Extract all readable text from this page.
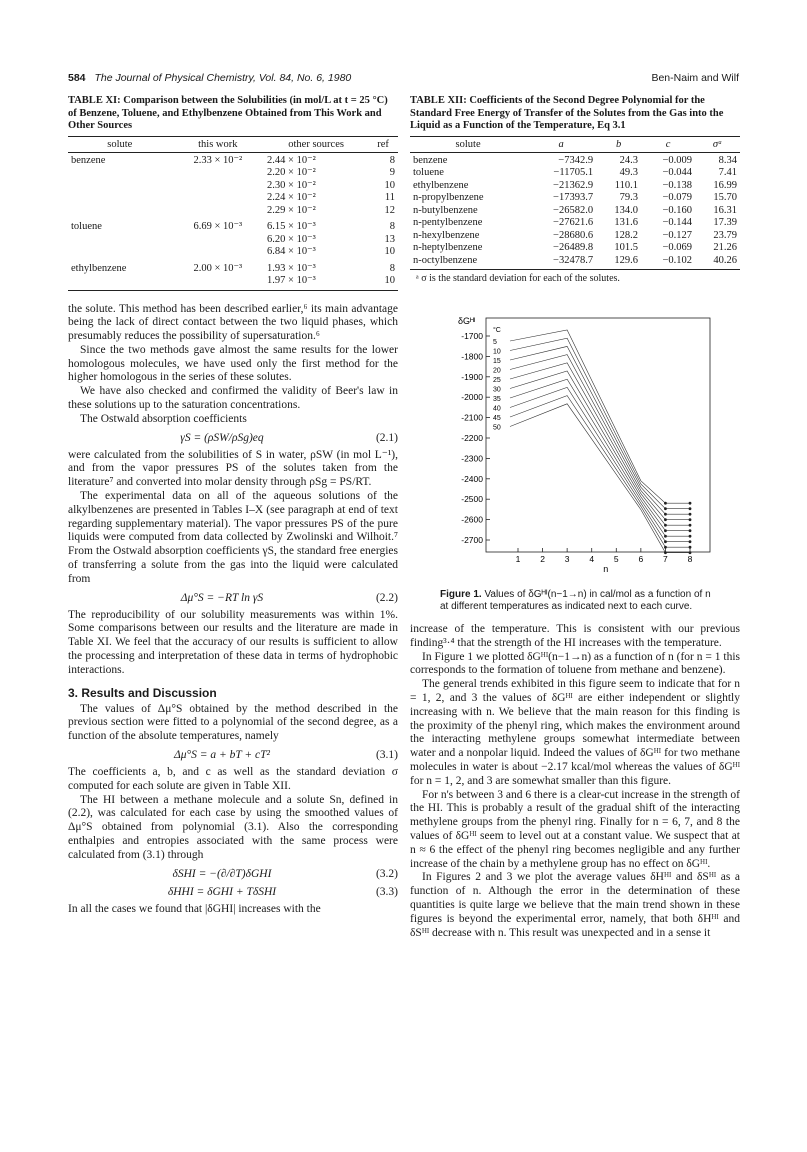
584 The Journal of Physical Chemistry, Vol. 84, No. 6, 1980	Ben-Naim and Wilf
TABLE XI: Comparison between the Solubilities (in mol/L at t = 25 °C) of Benzene, Toluene, and Ethylbenzene Obtained from This Work and Other Sources
solute	this work	other sources	ref
benzene	2.33 × 10⁻²	2.44 × 10⁻²	8
		2.20 × 10⁻²	9
		2.30 × 10⁻²	10
		2.24 × 10⁻²	11
		2.29 × 10⁻²	12
toluene	6.69 × 10⁻³	6.15 × 10⁻³	8
		6.20 × 10⁻³	13
		6.84 × 10⁻³	10
ethylbenzene	2.00 × 10⁻³	1.93 × 10⁻³	8
		1.97 × 10⁻³	10

the solute. This method has been described earlier,⁶ its main advantage being the lack of direct contact between the two liquid phases, which presumably reduces the possibility of supersaturation.⁶

Since the two methods gave almost the same results for the lower homologous molecules, we have used only the first method for the higher homologous in the series of these solutes.

We have also checked and confirmed the validity of Beer's law in these solutions up to the saturation concentrations.

The Ostwald absorption coefficients

γS = (ρSW/ρSg)eq	(2.1)

were calculated from the solubilities of S in water, ρSW (in mol L⁻¹), and from the vapor pressures PS of the solutes taken from the literature⁷ and converted into molar density through ρSg = PS/RT.

The experimental data on all of the aqueous solutions of the alkylbenzenes are presented in Tables I–X (see paragraph at end of text regarding supplementary material). The vapor pressures PS of the pure liquids were computed from data collected by Zwolinski and Wilhoit.⁷ From the Ostwald absorption coefficients γS, the standard free energies of transferring a solute from the gas into the liquid were calculated from

Δμ°S = −RT ln γS	(2.2)

The reproducibility of our solubility measurements was within 1%. Some comparisons between our results and the literature are made in Table XI. We feel that the accuracy of our results is sufficient to allow the processing and interpretation of these data in terms of hydrophobic interactions.

3. Results and Discussion

The values of Δμ°S obtained by the method described in the previous section were fitted to a polynomial of the second degree, as a function of the absolute temperatures, namely

Δμ°S = a + bT + cT²	(3.1)

The coefficients a, b, and c as well as the standard deviation σ computed for each solute are given in Table XII.

The HI between a methane molecule and a solute Sn, defined in (2.2), was calculated for each case by using the smoothed values of Δμ°S obtained from polynomial (3.1). Also the corresponding enthalpies and entropies associated with the same process were calculated from (3.1) through

δSHI = −(∂/∂T)δGHI	(3.2)
δHHI = δGHI + TδSHI	(3.3)

In all the cases we found that |δGHI| increases with the

TABLE XII: Coefficients of the Second Degree Polynomial for the Standard Free Energy of Transfer of the Solutes from the Gas into the Liquid as a Function of the Temperature, Eq 3.1
solute	a	b	c	σᵃ
benzene	−7342.9	24.3	−0.009	8.34
toluene	−11705.1	49.3	−0.044	7.41
ethylbenzene	−21362.9	110.1	−0.138	16.99
n-propylbenzene	−17393.7	79.3	−0.079	15.70
n-butylbenzene	−26582.0	134.0	−0.160	16.31
n-pentylbenzene	−27621.6	131.6	−0.144	17.39
n-hexylbenzene	−28680.6	128.2	−0.127	23.79
n-heptylbenzene	−26489.8	101.5	−0.069	21.26
n-octylbenzene	−32478.7	129.6	−0.102	40.26
ᵃ σ is the standard deviation for each of the solutes.
-1700
-1800
-1900
-2000
-2100
-2200
-2300
-2400
-2500
-2600
-2700
δGᴴᴵ
1 2 3 4 5 6 7 8
n
°C
5
10
15
20
25
30
35
40
45
50
Figure 1. Values of δGᴴᴵ(n−1→n) in cal/mol as a function of n at different temperatures as indicated next to each curve.

increase of the temperature. This is consistent with our previous finding³·⁴ that the strength of the HI increases with the temperature.

In Figure 1 we plotted δGᴴᴵ(n−1→n) as a function of n (for n = 1 this corresponds to the formation of toluene from methane and benzene).

The general trends exhibited in this figure seem to indicate that for n = 1, 2, and 3 the values of δGᴴᴵ are either independent or slightly increasing with n. We believe that the main reason for this finding is the proximity of the phenyl ring, which makes the environment around the interacting methylene groups somewhat intermediate between water and a nonpolar liquid. Indeed the values of δGᴴᴵ for two methane molecules in water is about −2.17 kcal/mol whereas the values of δGᴴᴵ for n = 1, 2, and 3 are somewhat smaller than this figure.

For n's between 3 and 6 there is a clear-cut increase in the strength of the HI. This is probably a result of the gradual shift of the interacting methylene groups from the phenyl ring. Finally for n = 6, 7, and 8 the values of δGᴴᴵ seem to level out at a constant value. We suspect that at n ≈ 6 the effect of the phenyl ring becomes negligible and any further increase of the chain by a methylene group has no effect on δGᴴᴵ.

In Figures 2 and 3 we plot the average values δHᴴᴵ and δSᴴᴵ as a function of n. Although the error in the determination of these quantities is quite large we believe that the main trend shown in these figures is beyond the experimental error, namely, that both δHᴴᴵ and δSᴴᴵ decrease with n. This result was unexpected and in a sense it
